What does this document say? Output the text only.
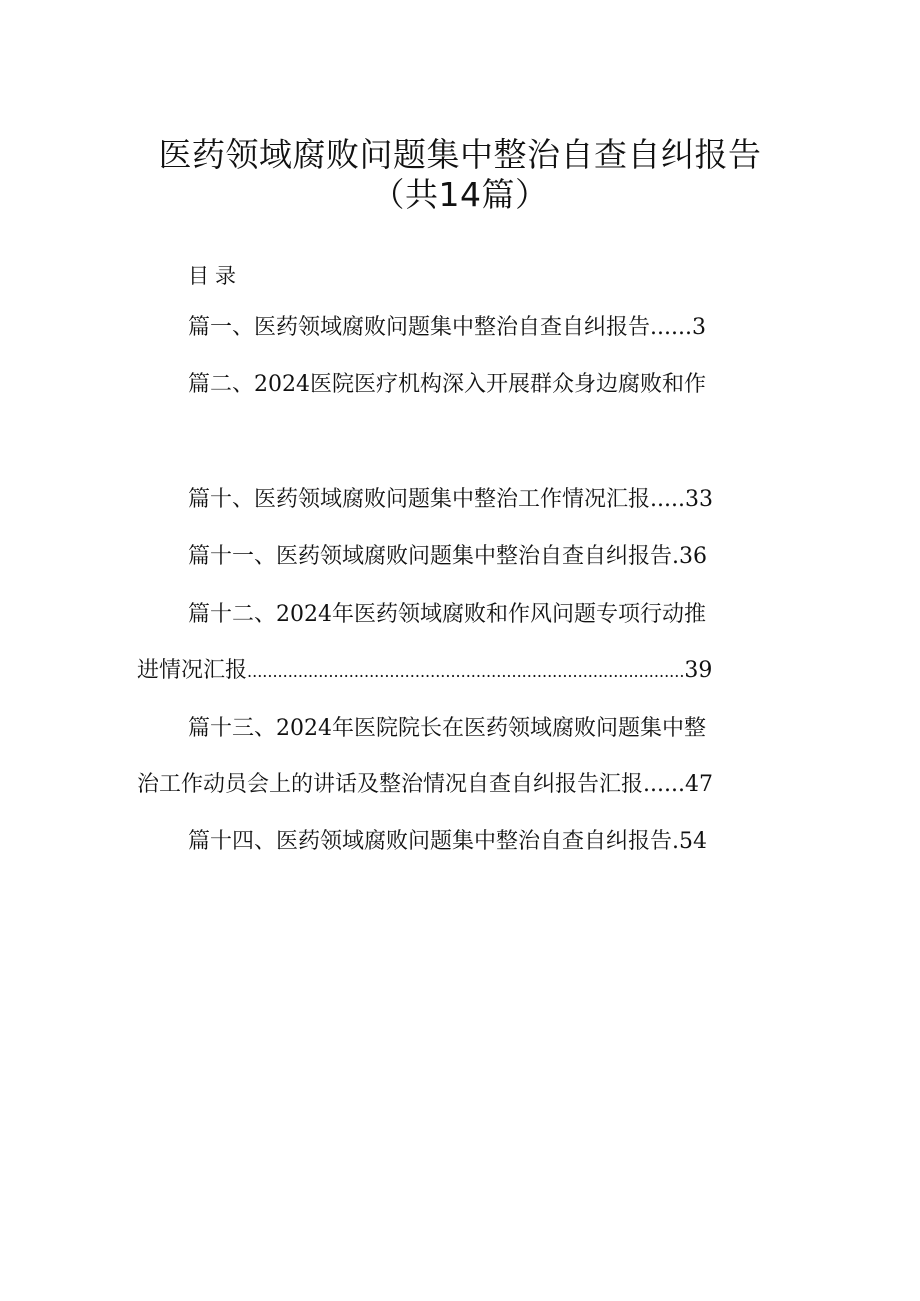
医药领域腐败问题集中整治自查自纠报告
（共14篇）
目录
篇一、医药领域腐败问题集中整治自查自纠报告......3
篇二、2024医院医疗机构深入开展群众身边腐败和作
篇十、医药领域腐败问题集中整治工作情况汇报.....33
篇十一、医药领域腐败问题集中整治自查自纠报告.36
篇十二、2024年医药领域腐败和作风问题专项行动推
进情况汇报......................................................................................39
篇十三、2024年医院院长在医药领域腐败问题集中整
治工作动员会上的讲话及整治情况自查自纠报告汇报......47
篇十四、医药领域腐败问题集中整治自查自纠报告.54
